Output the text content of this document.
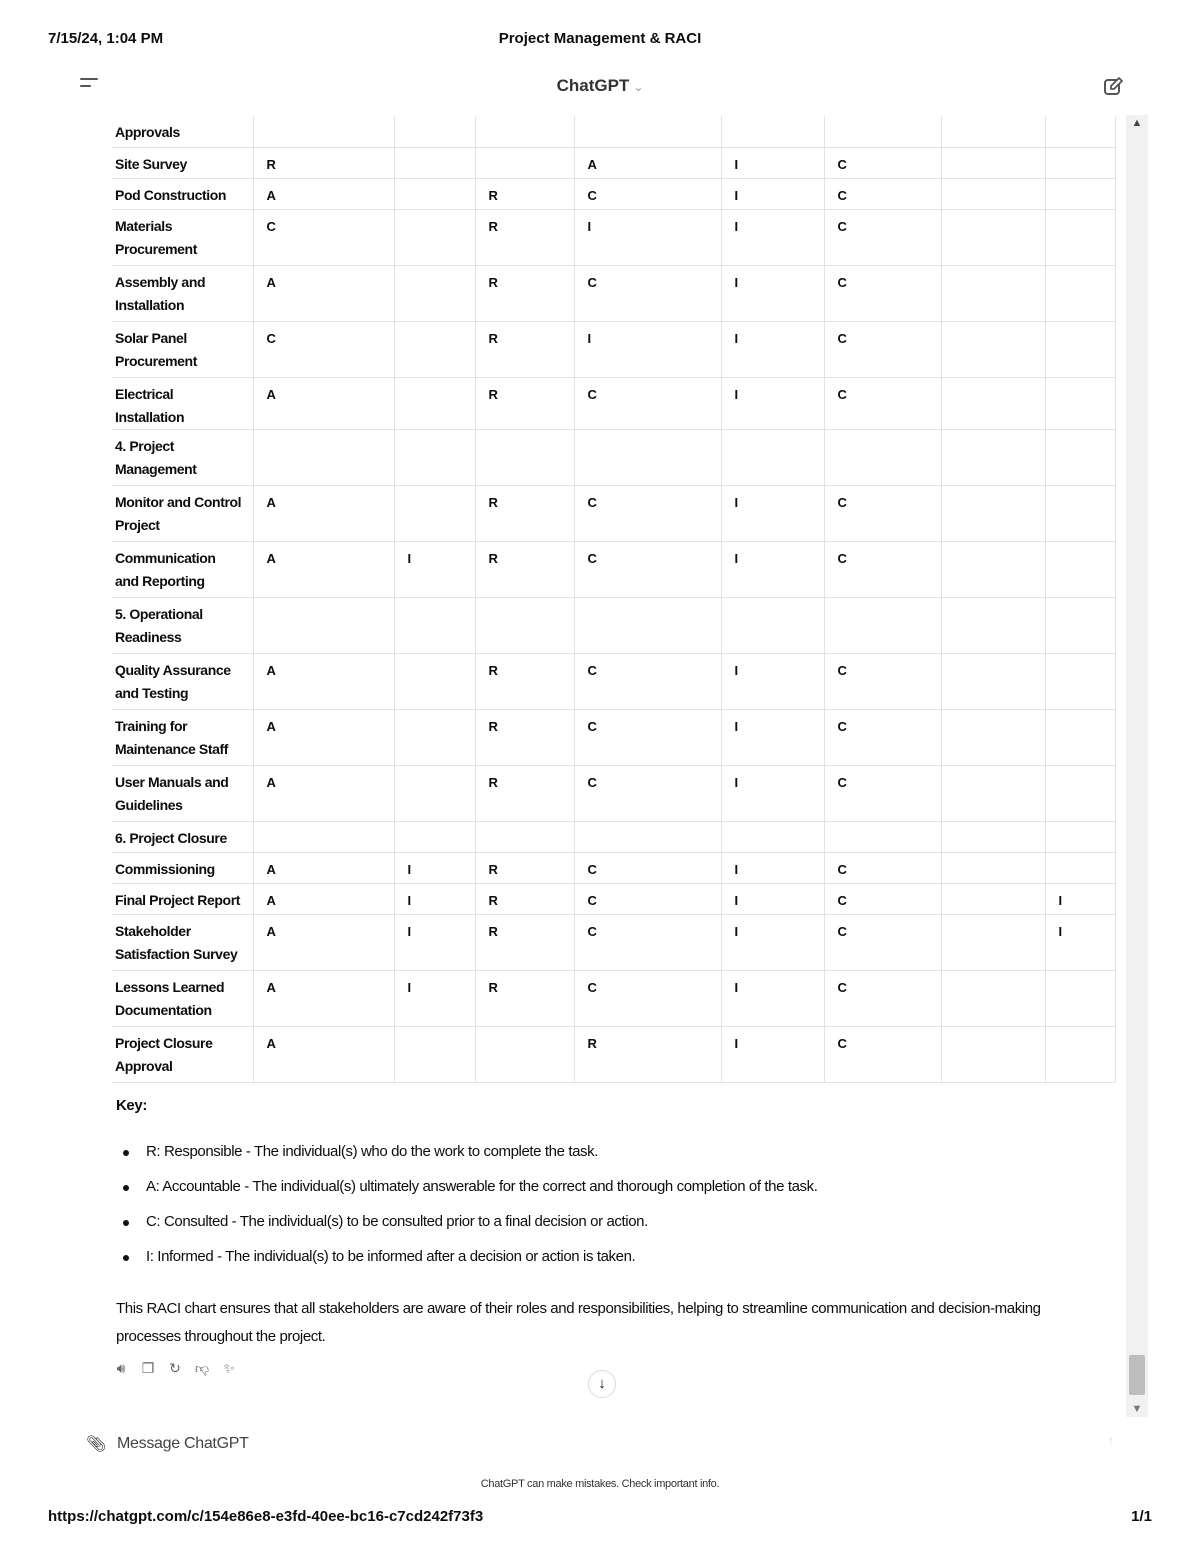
7/15/24, 1:04 PM	Project Management & RACI
ChatGPT ⌄
▲
▼
Approvals								
Site Survey	R			A	I	C		
Pod Construction	A		R	C	I	C		
Materials Procurement	C		R	I	I	C		
Assembly and Installation	A		R	C	I	C		
Solar Panel Procurement	C		R	I	I	C		
Electrical Installation	A		R	C	I	C		
4. Project Management								
Monitor and Control Project	A		R	C	I	C		
Communication and Reporting	A	I	R	C	I	C		
5. Operational Readiness								
Quality Assurance and Testing	A		R	C	I	C		
Training for Maintenance Staff	A		R	C	I	C		
User Manuals and Guidelines	A		R	C	I	C		
6. Project Closure								
Commissioning	A	I	R	C	I	C		
Final Project Report	A	I	R	C	I	C		I
Stakeholder Satisfaction Survey	A	I	R	C	I	C		I
Lessons Learned Documentation	A	I	R	C	I	C		
Project Closure Approval	A			R	I	C		
Key:
R: Responsible - The individual(s) who do the work to complete the task.
A: Accountable - The individual(s) ultimately answerable for the correct and thorough completion of the task.
C: Consulted - The individual(s) to be consulted prior to a final decision or action.
I: Informed - The individual(s) to be informed after a decision or action is taken.
This RACI chart ensures that all stakeholders are aware of their roles and responsibilities, helping to streamline communication and decision-making processes throughout the project.
🔊︎ ❐ ↻ 👎︎ ✨︎
↓
📎︎ Message ChatGPT	↑
ChatGPT can make mistakes. Check important info.
https://chatgpt.com/c/154e86e8-e3fd-40ee-bc16-c7cd242f73f3	1/1
